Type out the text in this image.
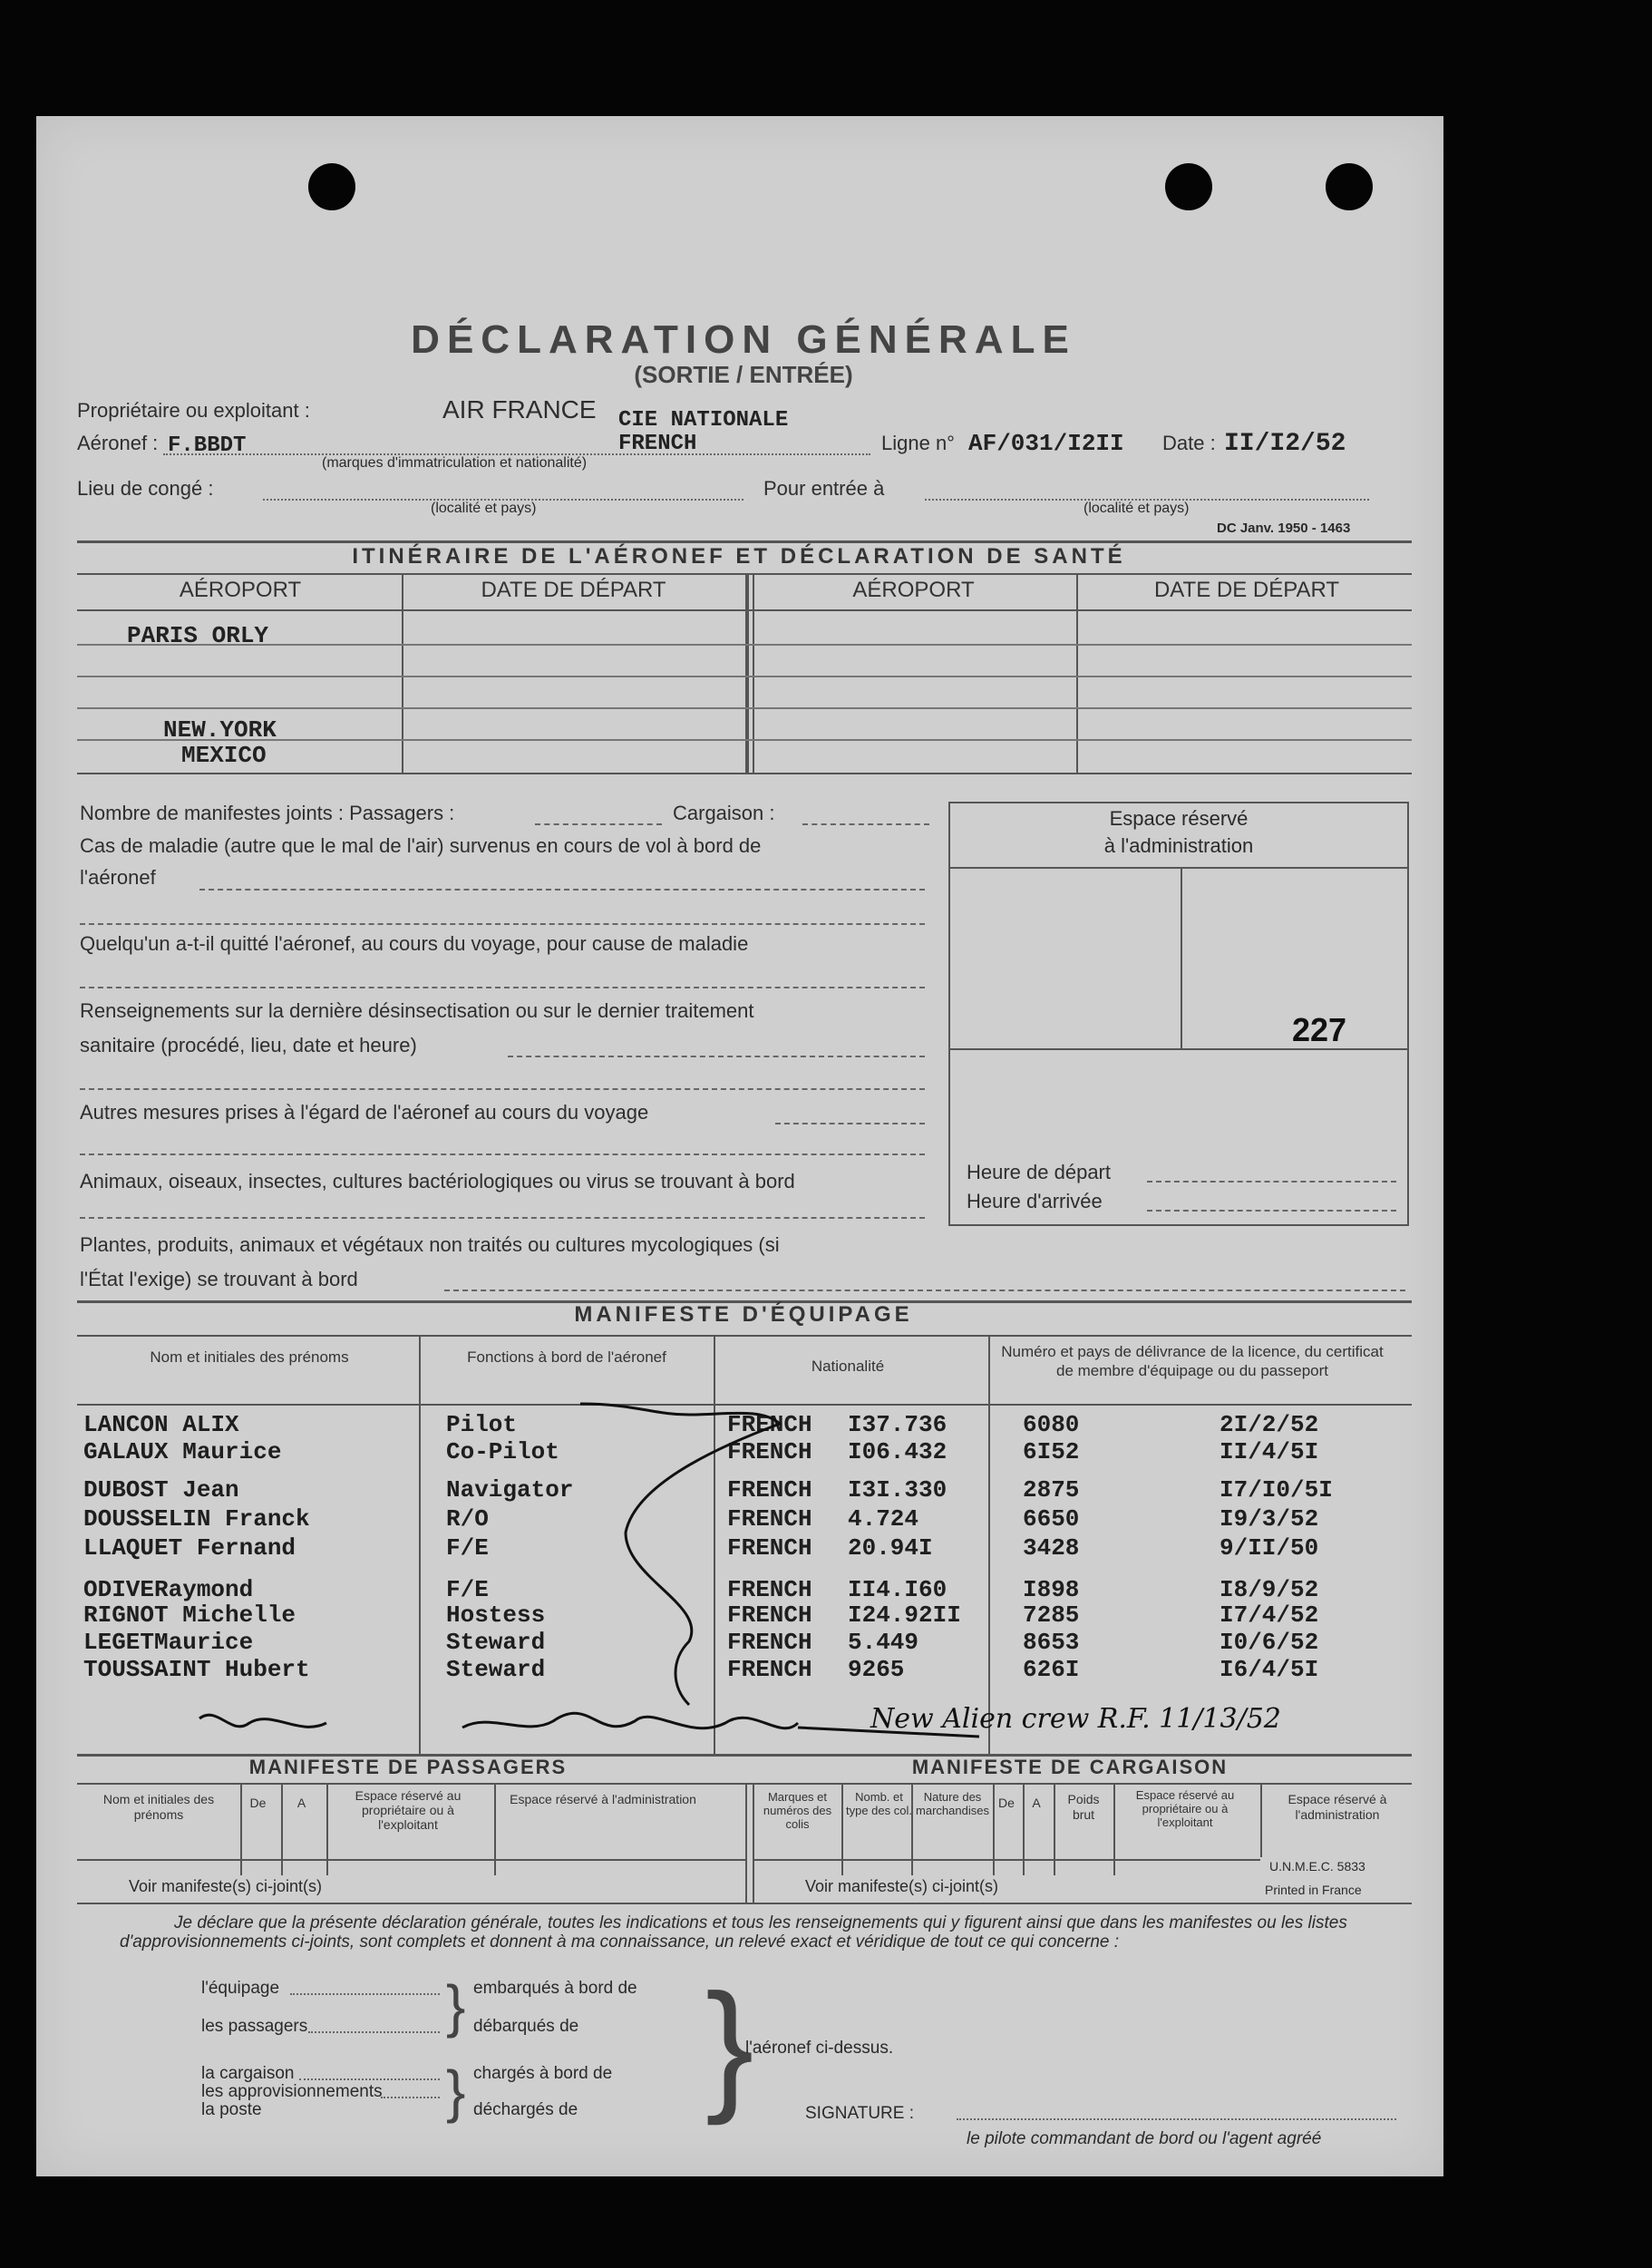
DÉCLARATION GÉNÉRALE
(SORTIE / ENTRÉE)
Propriétaire ou exploitant :	AIR FRANCE CIE NATIONALE
Aéronef : F.BBDT	FRENCH
(marques d'immatriculation et nationalité)
Ligne n° AF/031/I2II Date : II/I2/52
Lieu de congé :
(localité et pays)
Pour entrée à
(localité et pays)
DC Janv. 1950 - 1463
ITINÉRAIRE DE L'AÉRONEF ET DÉCLARATION DE SANTÉ
AÉROPORT	DATE DE DÉPART	AÉROPORT	DATE DE DÉPART
PARIS ORLY
NEW.YORK
MEXICO
Nombre de manifestes joints : Passagers :	Cargaison :
Cas de maladie (autre que le mal de l'air) survenus en cours de vol à bord de
l'aéronef
Quelqu'un a-t-il quitté l'aéronef, au cours du voyage, pour cause de maladie
Renseignements sur la dernière désinsectisation ou sur le dernier traitement
sanitaire (procédé, lieu, date et heure)
Autres mesures prises à l'égard de l'aéronef au cours du voyage
Animaux, oiseaux, insectes, cultures bactériologiques ou virus se trouvant à bord
Plantes, produits, animaux et végétaux non traités ou cultures mycologiques (si
l'État l'exige) se trouvant à bord
Espace réservé
à l'administration
227
Heure de départ
Heure d'arrivée
MANIFESTE D'ÉQUIPAGE
Nom et initiales des prénoms	Fonctions à bord de l'aéronef
Nationalité
Numéro et pays de délivrance de la licence, du certificat de membre d'équipage ou du passeport
LANCON ALIX	Pilot	FRENCH I37.736	6080	2I/2/52
GALAUX Maurice	Co-Pilot	FRENCH I06.432	6I52	II/4/5I
DUBOST Jean	Navigator	FRENCH I3I.330	2875	I7/I0/5I
DOUSSELIN Franck	R/O	FRENCH 4.724	6650	I9/3/52
LLAQUET Fernand	F/E	FRENCH 20.94I	3428	9/II/50
ODIVERaymond	F/E	FRENCH II4.I60	I898	I8/9/52
RIGNOT Michelle	Hostess	FRENCH I24.92II	7285	I7/4/52
LEGETMaurice	Steward	FRENCH 5.449	8653	I0/6/52
TOUSSAINT Hubert	Steward	FRENCH 9265	626I	I6/4/5I
New Alien crew R.F. 11/13/52
MANIFESTE DE PASSAGERS	MANIFESTE DE CARGAISON
Nom et initiales des prénoms
De	A	Espace réservé au propriétaire ou à l'exploitant
Espace réservé à l'administration
Voir manifeste(s) ci-joint(s)
Marques et numéros des colis
Nomb. et type des col.
Nature des marchandises
De	A	Poids brut
Espace réservé au propriétaire ou à l'exploitant
Espace réservé à l'administration
Voir manifeste(s) ci-joint(s)
U.N.M.E.C. 5833
Printed in France
Je déclare que la présente déclaration générale, toutes les indications et tous les renseignements qui y figurent ainsi que dans les manifestes ou les listes d'approvisionnements ci-joints, sont complets et donnent à ma connaissance, un relevé exact et véridique de tout ce qui concerne :
l'équipage
les passagers
la cargaison
les approvisionnements
la poste
}
}
embarqués à bord de
débarqués de
chargés à bord de
déchargés de }
l'aéronef ci-dessus.
SIGNATURE :
le pilote commandant de bord ou l'agent agréé
